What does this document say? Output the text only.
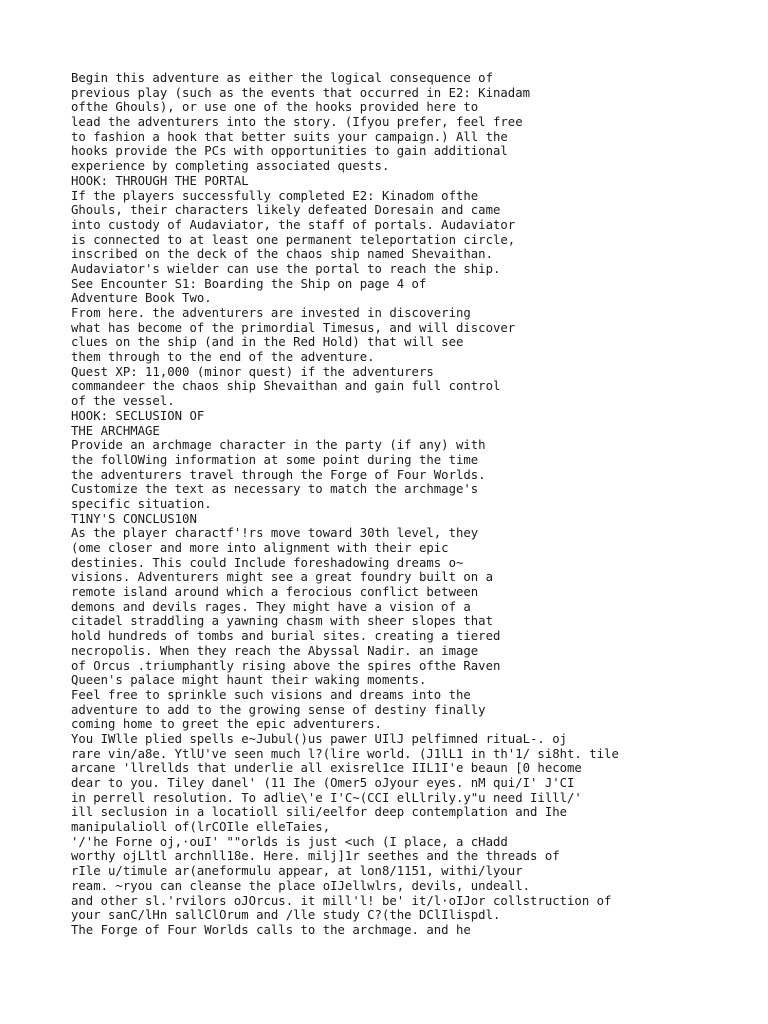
Begin this adventure as either the logical consequence of
previous play (such as the events that occurred in E2: Kinadam
ofthe Ghouls), or use one of the hooks provided here to
lead the adventurers into the story. (Ifyou prefer, feel free
to fashion a hook that better suits your campaign.) All the
hooks provide the PCs with opportunities to gain additional
experience by completing associated quests.
HOOK: THROUGH THE PORTAL
If the players successfully completed E2: Kinadom ofthe
Ghouls, their characters likely defeated Doresain and came
into custody of Audaviator, the staff of portals. Audaviator
is connected to at least one permanent teleportation circle,
inscribed on the deck of the chaos ship named Shevaithan.
Audaviator's wielder can use the portal to reach the ship.
See Encounter S1: Boarding the Ship on page 4 of
Adventure Book Two.
From here. the adventurers are invested in discovering
what has become of the primordial Timesus, and will discover
clues on the ship (and in the Red Hold) that will see
them through to the end of the adventure.
Quest XP: 11,000 (minor quest) if the adventurers
commandeer the chaos ship Shevaithan and gain full control
of the vessel.
HOOK: SECLUSION OF
THE ARCHMAGE
Provide an archmage character in the party (if any) with
the follOWing information at some point during the time
the adventurers travel through the Forge of Four Worlds.
Customize the text as necessary to match the archmage's
specific situation.
T1NY'S CONCLUS10N
As the player charactf'!rs move toward 30th level, they
(ome closer and more into alignment with their epic
destinies. This could Include foreshadowing dreams o~
visions. Adventurers might see a great foundry built on a
remote island around which a ferocious conflict between
demons and devils rages. They might have a vision of a
citadel straddling a yawning chasm with sheer slopes that
hold hundreds of tombs and burial sites. creating a tiered
necropolis. When they reach the Abyssal Nadir. an image
of Orcus .triumphantly rising above the spires ofthe Raven
Queen's palace might haunt their waking moments.
Feel free to sprinkle such visions and dreams into the
adventure to add to the growing sense of destiny finally
coming home to greet the epic adventurers.
You IWlle plied spells e~Jubul()us pawer UIlJ pelfimned rituaL-. oj
rare vin/a8e. YtlU've seen much l?(lire world. (J1lL1 in th'1/ si8ht. tile
arcane 'llrellds that underlie all exisrel1ce IIL1I'e beaun [0 hecome
dear to you. Tiley danel' (11 Ihe (Omer5 oJyour eyes. nM qui/I' J'CI
in perrell resolution. To adlie\'e I'C~(CCI elLlrily.y"u need Iilll/'
ill seclusion in a locatioll sili/eelfor deep contemplation and Ihe
manipulalioll of(lrCOIle elleTaies,
'/'he Forne oj,·ouI' ""orlds is just <uch (I place, a cHadd
worthy ojLltl archnll18e. Here. milj]1r seethes and the threads of
rIle u/timule ar(aneformulu appear, at lon8/1151, withi/lyour
ream. ~ryou can cleanse the place oIJellwlrs, devils, undeall.
and other sl.'rvilors oJOrcus. it mill'l! be' it/l·oIJor collstruction of
your sanC/lHn sallClOrum and /lle study C?(the DClIlispdl.
The Forge of Four Worlds calls to the archmage. and he
